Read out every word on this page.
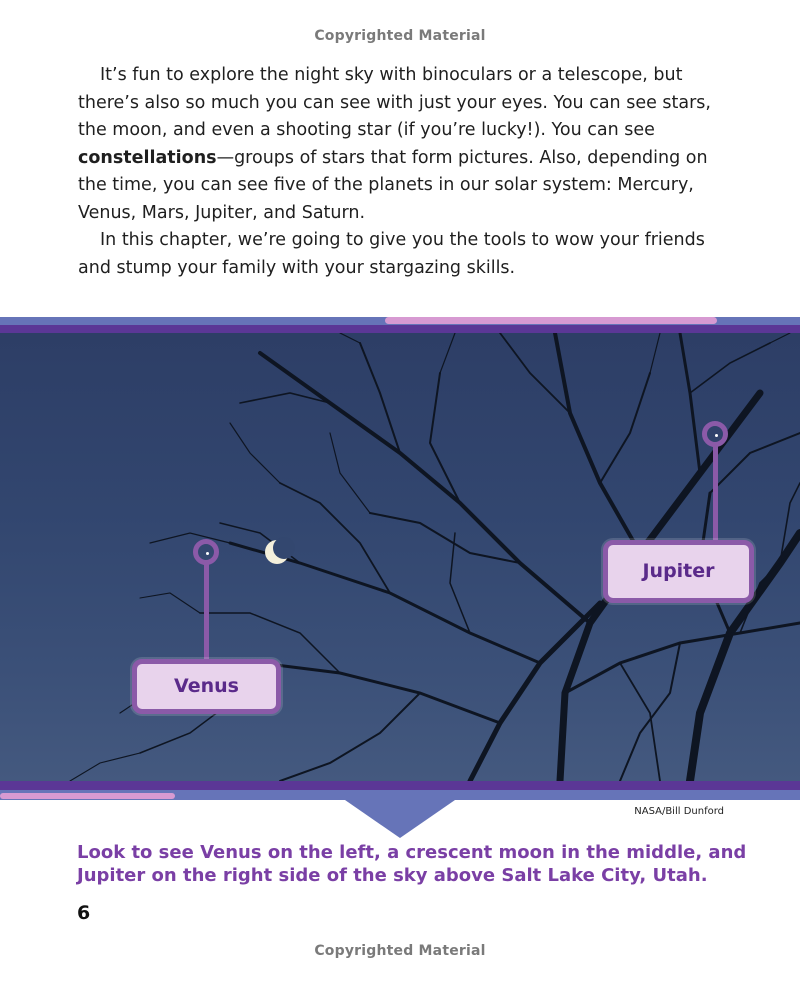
Copyrighted Material

It’s fun to explore the night sky with binoculars or a telescope, but there’s also so much you can see with just your eyes. You can see stars, the moon, and even a shooting star (if you’re lucky!). You can see constellations—groups of stars that form pictures. Also, depending on the time, you can see five of the planets in our solar system: Mercury, Venus, Mars, Jupiter, and Saturn.

In this chapter, we’re going to give you the tools to wow your friends and stump your family with your stargazing skills.

Venus
Jupiter
NASA/Bill Dunford
Look to see Venus on the left, a crescent moon in the middle, and Jupiter on the right side of the sky above Salt Lake City, Utah.
6
Copyrighted Material
